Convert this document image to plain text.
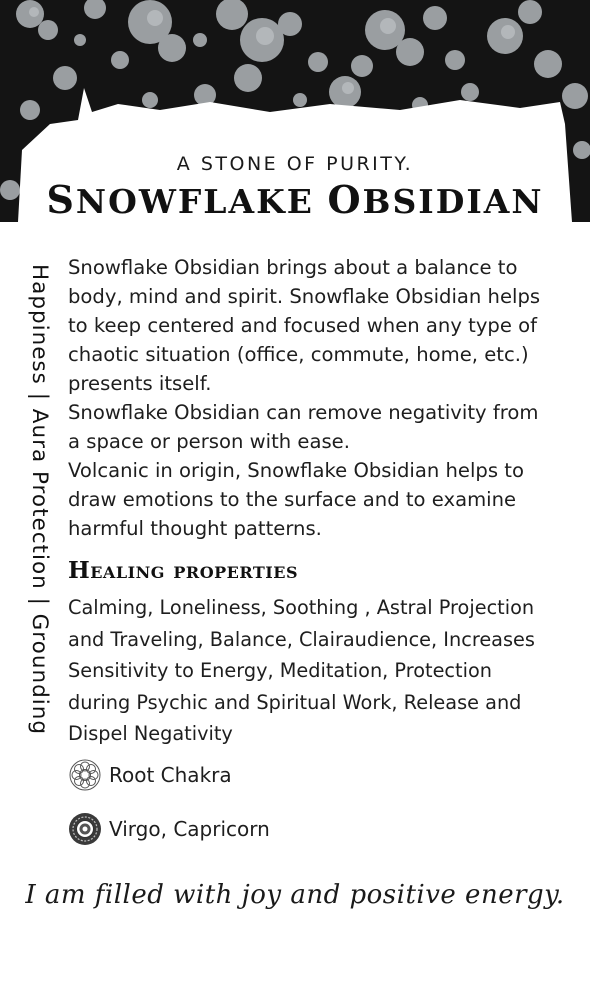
A STONE OF PURITY.
SNOWFLAKE OBSIDIAN
Happiness | Aura Protection | Grounding Snowflake Obsidian brings about a balance to body, mind and spirit. Snowflake Obsidian helps to keep centered and focused when any type of chaotic situation (office, commute, home, etc.) presents itself.

Snowflake Obsidian can remove negativity from a space or person with ease.

Volcanic in origin, Snowflake Obsidian helps to draw emotions to the surface and to examine harmful thought patterns.

Healing properties
Calming, Loneliness, Soothing , Astral Projection and Traveling, Balance, Clairaudience, Increases Sensitivity to Energy, Meditation, Protection during Psychic and Spiritual Work, Release and Dispel Negativity
Root Chakra
Virgo, Capricorn
I am filled with joy and positive energy.
